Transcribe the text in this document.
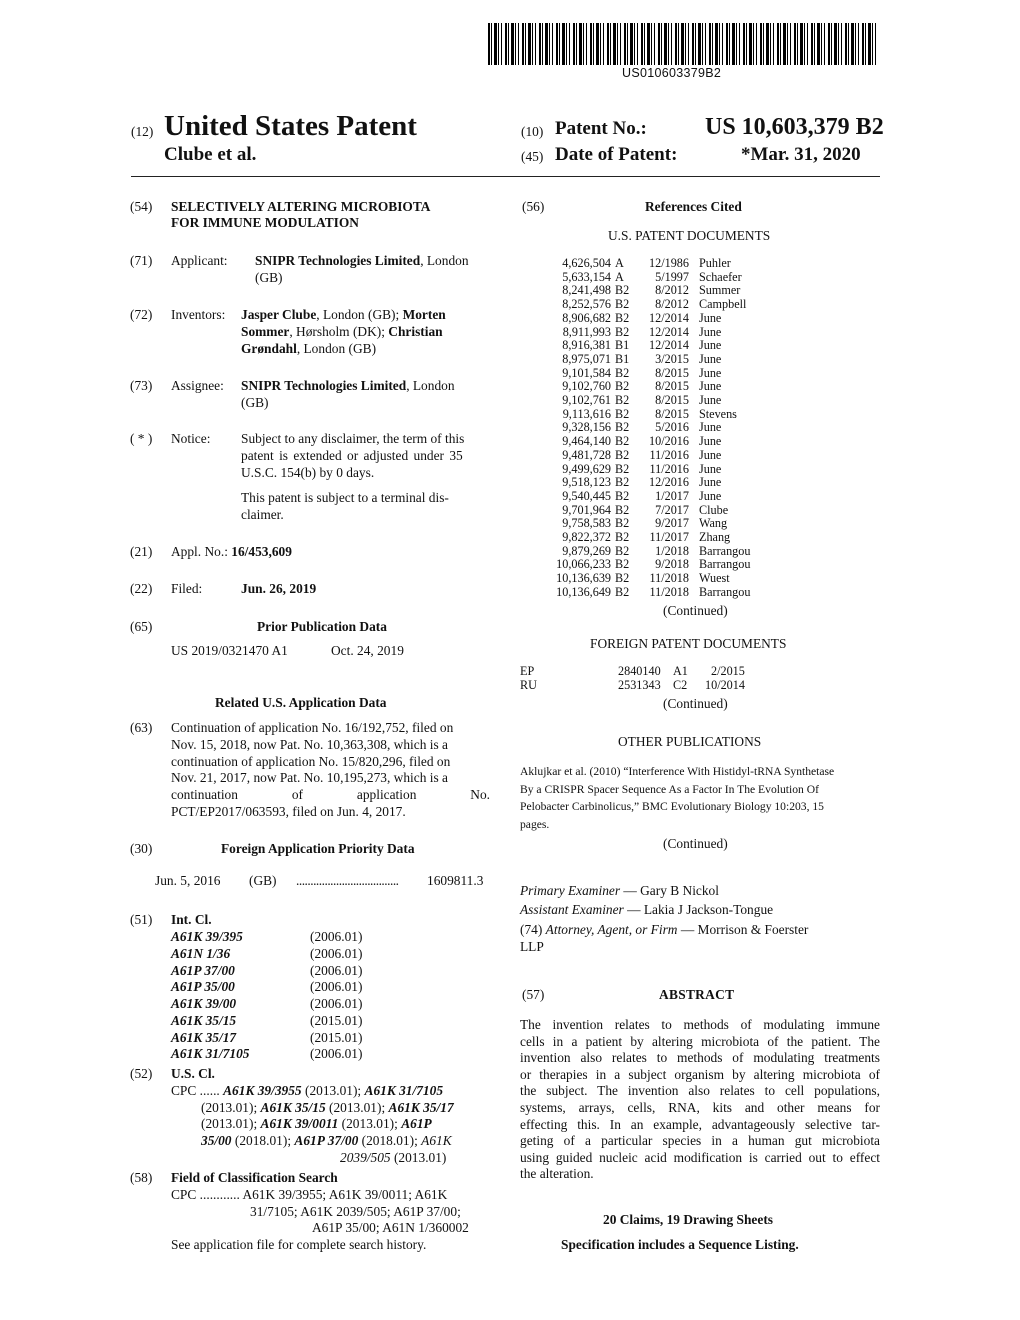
US010603379B2
(12) United States Patent
Clube et al.
(10) Patent No.: US 10,603,379 B2
(45) Date of Patent:	*Mar. 31, 2020
(54) SELECTIVELY ALTERING MICROBIOTA
FOR IMMUNE MODULATION
(71) Applicant: SNIPR Technologies Limited, London
(GB)
(72) Inventors: Jasper Clube, London (GB); Morten
Sommer, Hørsholm (DK); Christian
Grøndahl, London (GB)
(73) Assignee: SNIPR Technologies Limited, London
(GB)
( * ) Notice: Subject to any disclaimer, the term of this
patent is extended or adjusted under 35
U.S.C. 154(b) by 0 days.
This patent is subject to a terminal dis-
claimer.
(21) Appl. No.: 16/453,609
(22) Filed:	Jun. 26, 2019
(65)	Prior Publication Data
US 2019/0321470 A1	Oct. 24, 2019
Related U.S. Application Data
(63) Continuation of application No. 16/192,752, filed on
Nov. 15, 2018, now Pat. No. 10,363,308, which is a
continuation of application No. 15/820,296, filed on
Nov. 21, 2017, now Pat. No. 10,195,273, which is a
continuation	of	application	No.
PCT/EP2017/063593, filed on Jun. 4, 2017.
(30)	Foreign Application Priority Data
Jun. 5, 2016 (GB) .................................... 1609811.3
(51) Int. Cl.
A61K 39/395	(2006.01)
A61N 1/36	(2006.01)
A61P 37/00	(2006.01)
A61P 35/00	(2006.01)
A61K 39/00	(2006.01)
A61K 35/15	(2015.01)
A61K 35/17	(2015.01)
A61K 31/7105	(2006.01)
(52) U.S. Cl.
CPC ...... A61K 39/3955 (2013.01); A61K 31/7105
(2013.01); A61K 35/15 (2013.01); A61K 35/17
(2013.01); A61K 39/0011 (2013.01); A61P
35/00 (2018.01); A61P 37/00 (2018.01); A61K
2039/505 (2013.01)
(58) Field of Classification Search
CPC ............ A61K 39/3955; A61K 39/0011; A61K
31/7105; A61K 2039/505; A61P 37/00;
A61P 35/00; A61N 1/360002
See application file for complete search history.
(56)	References Cited
U.S. PATENT DOCUMENTS
4,626,504 A	12/1986 Puhler
5,633,154 A	5/1997 Schaefer
8,241,498 B2	8/2012 Summer
8,252,576 B2	8/2012 Campbell
8,906,682 B2	12/2014 June
8,911,993 B2	12/2014 June
8,916,381 B1	12/2014 June
8,975,071 B1	3/2015 June
9,101,584 B2	8/2015 June
9,102,760 B2	8/2015 June
9,102,761 B2	8/2015 June
9,113,616 B2	8/2015 Stevens
9,328,156 B2	5/2016 June
9,464,140 B2	10/2016 June
9,481,728 B2	11/2016 June
9,499,629 B2	11/2016 June
9,518,123 B2	12/2016 June
9,540,445 B2	1/2017 June
9,701,964 B2	7/2017 Clube
9,758,583 B2	9/2017 Wang
9,822,372 B2	11/2017 Zhang
9,879,269 B2	1/2018 Barrangou
10,066,233 B2	9/2018 Barrangou
10,136,639 B2	11/2018 Wuest
10,136,649 B2	11/2018 Barrangou
(Continued)
FOREIGN PATENT DOCUMENTS
EP	2840140 A1 2/2015
RU	2531343 C2 10/2014
(Continued)
OTHER PUBLICATIONS
Aklujkar et al. (2010) “Interference With Histidyl-tRNA Synthetase
By a CRISPR Spacer Sequence As a Factor In The Evolution Of
Pelobacter Carbinolicus,” BMC Evolutionary Biology 10:203, 15
pages.
(Continued)
Primary Examiner — Gary B Nickol
Assistant Examiner — Lakia J Jackson-Tongue
(74) Attorney, Agent, or Firm — Morrison & Foerster
LLP
(57)	ABSTRACT
The invention relates to methods of modulating immune
cells in a patient by altering microbiota of the patient. The
invention also relates to methods of modulating treatments
or therapies in a subject organism by altering microbiota of
the subject. The invention also relates to cell populations,
systems, arrays, cells, RNA, kits and other means for
effecting this. In an example, advantageously selective tar-
geting of a particular species in a human gut microbiota
using guided nucleic acid modification is carried out to effect
the alteration.
20 Claims, 19 Drawing Sheets
Specification includes a Sequence Listing.
